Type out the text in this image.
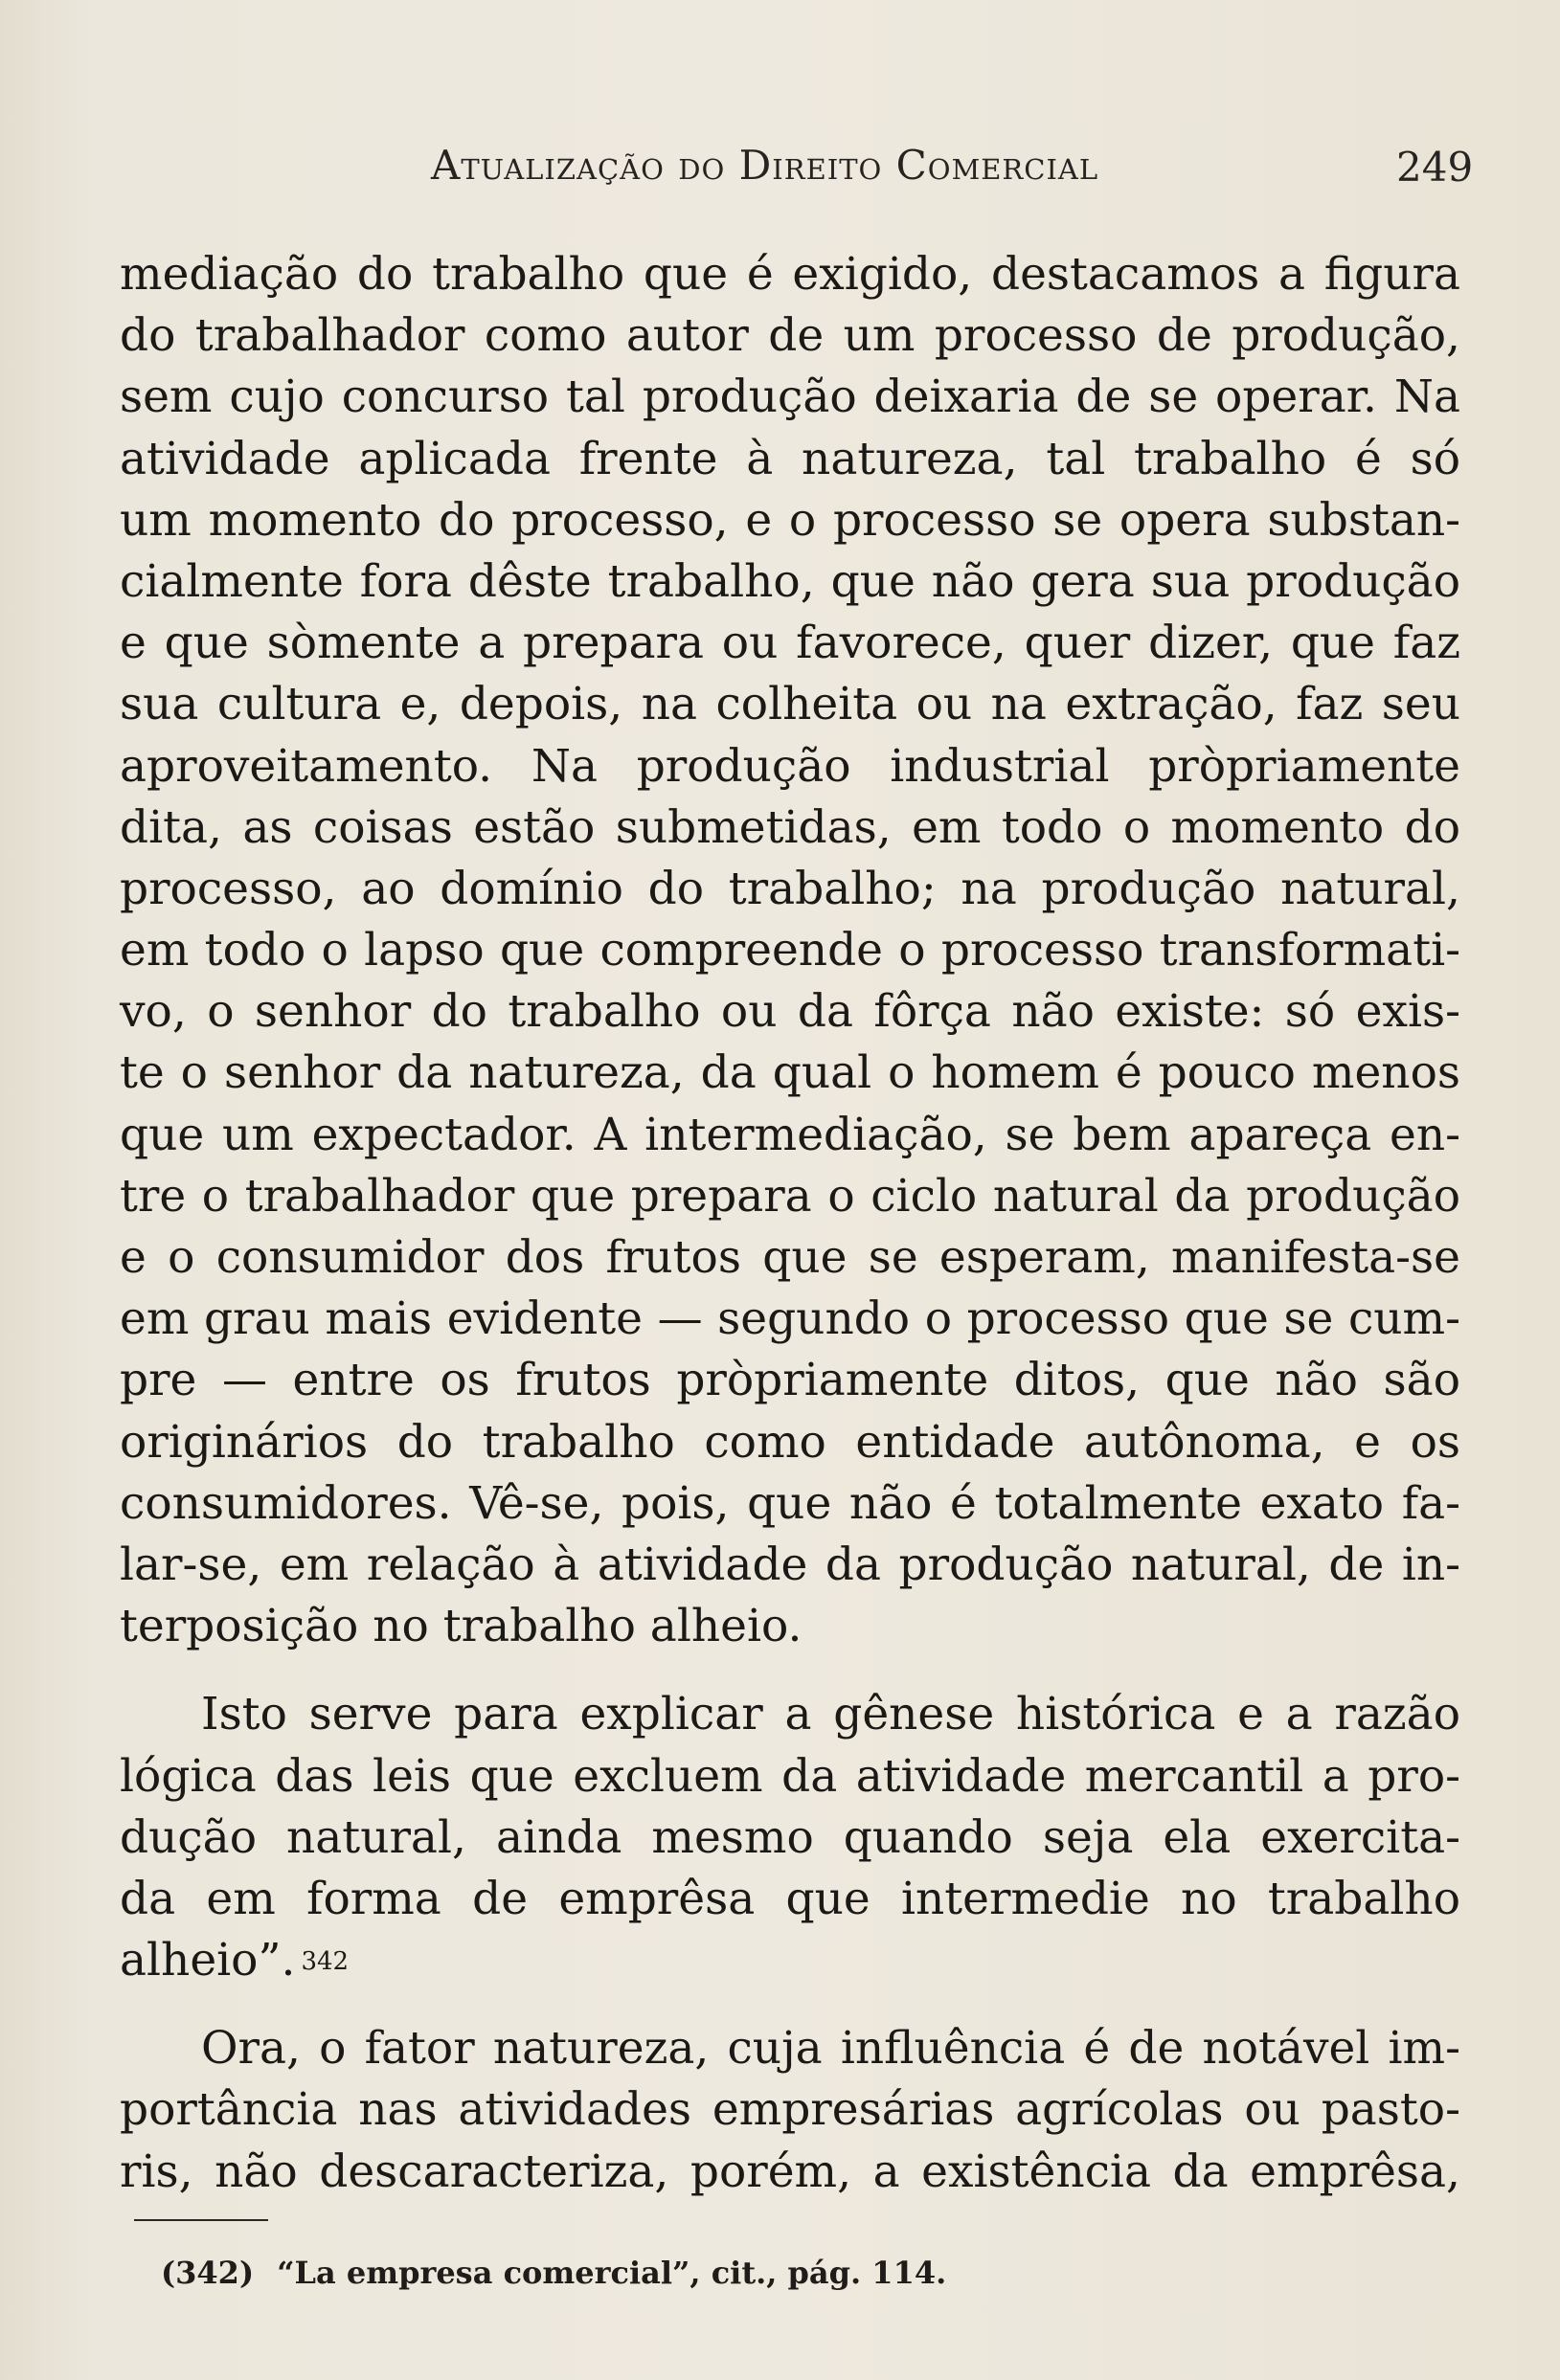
Atualização do Direito Comercial	249
mediação do trabalho que é exigido, destacamos a figura
do trabalhador como autor de um processo de produção,
sem cujo concurso tal produção deixaria de se operar. Na
atividade aplicada frente à natureza, tal trabalho é só
um momento do processo, e o processo se opera substan-
cialmente fora dêste trabalho, que não gera sua produção
e que sòmente a prepara ou favorece, quer dizer, que faz
sua cultura e, depois, na colheita ou na extração, faz seu
aproveitamento. Na produção industrial pròpriamente
dita, as coisas estão submetidas, em todo o momento do
processo, ao domínio do trabalho; na produção natural,
em todo o lapso que compreende o processo transformati-
vo, o senhor do trabalho ou da fôrça não existe: só exis-
te o senhor da natureza, da qual o homem é pouco menos
que um expectador. A intermediação, se bem apareça en-
tre o trabalhador que prepara o ciclo natural da produção
e o consumidor dos frutos que se esperam, manifesta-se
em grau mais evidente — segundo o processo que se cum-
pre — entre os frutos pròpriamente ditos, que não são
originários do trabalho como entidade autônoma, e os
consumidores. Vê-se, pois, que não é totalmente exato fa-
lar-se, em relação à atividade da produção natural, de in-
terposição no trabalho alheio.
Isto serve para explicar a gênese histórica e a razão
lógica das leis que excluem da atividade mercantil a pro-
dução natural, ainda mesmo quando seja ela exercita-
da em forma de emprêsa que intermedie no trabalho
alheio”. $^{342}$
Ora, o fator natureza, cuja influência é de notável im-
portância nas atividades empresárias agrícolas ou pasto-
ris, não descaracteriza, porém, a existência da emprêsa,
(342) “La empresa comercial”, cit., pág. 114.
